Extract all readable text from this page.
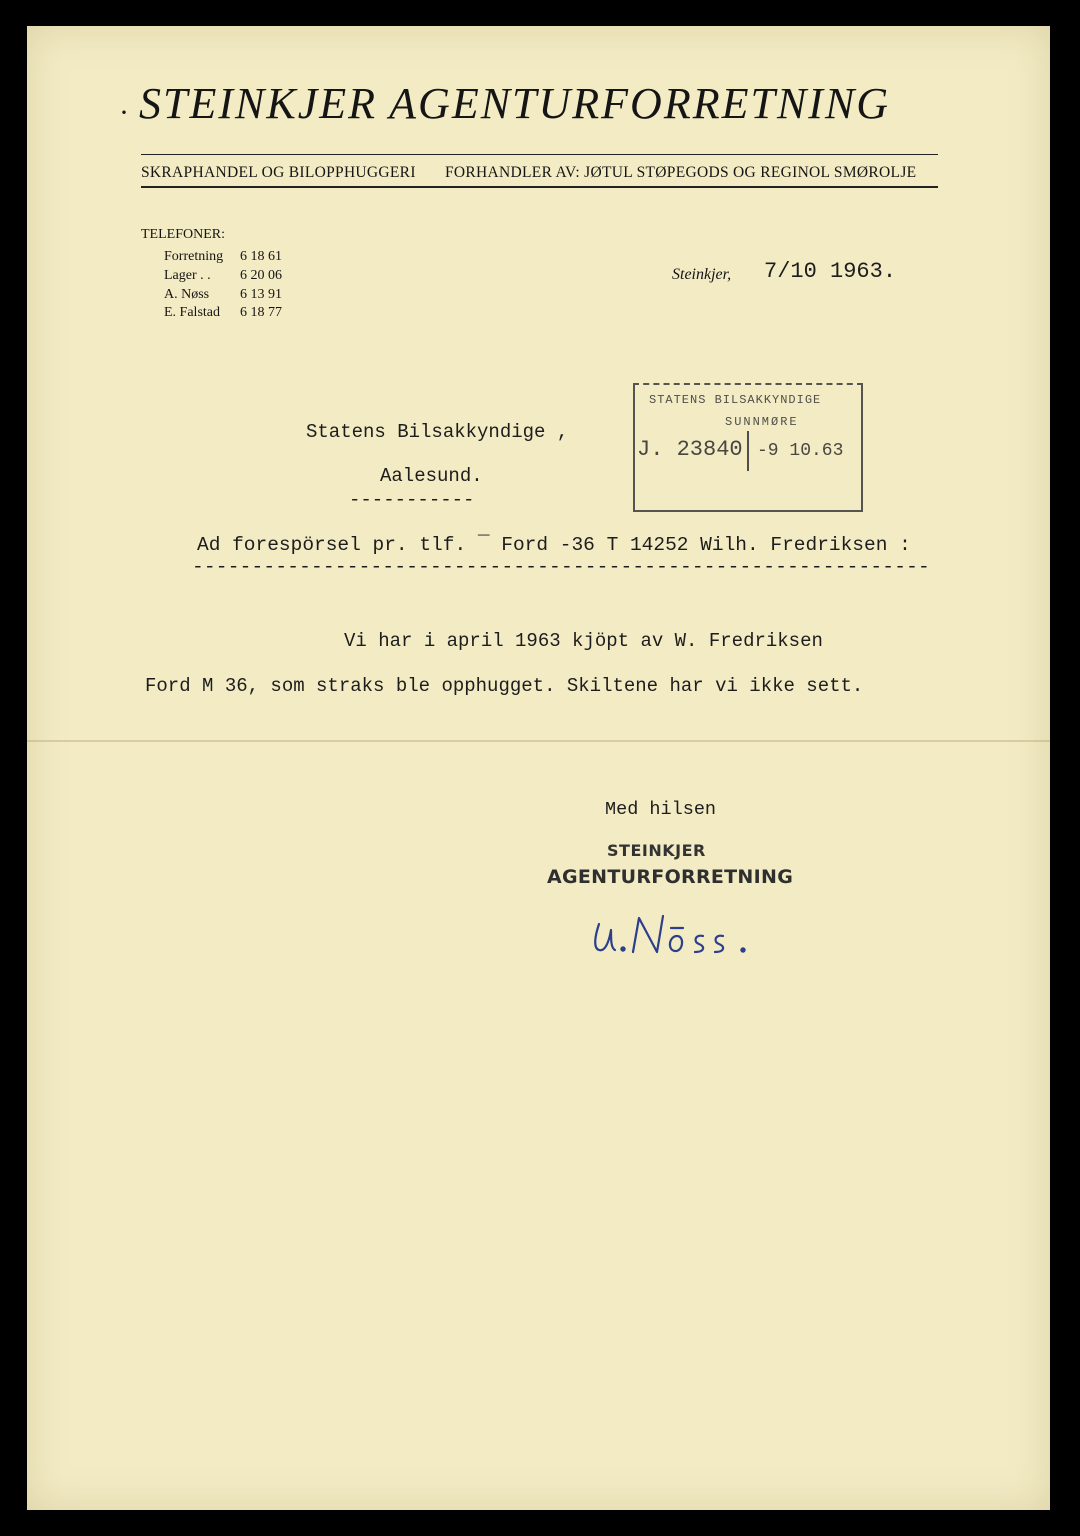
· STEINKJER AGENTURFORRETNING
SKRAPHANDEL OG BILOPPHUGGERI FORHANDLER AV: JØTUL STØPEGODS OG REGINOL SMØROLJE
TELEFONER:
Forretning 6 18 61
Lager . . 6 20 06
A. Nøss 6 13 91
E. Falstad 6 18 77
Steinkjer, 7/10 1963.
Statens Bilsakkyndige ,
Aalesund.
-----------
STATENS BILSAKKYNDIGE
SUNNMØRE
J. 23840 -9 10.63
Ad forespörsel pr. tlf. ¯ Ford -36 T 14252 Wilh. Fredriksen :
--------------------------------------------------------------
Vi har i april 1963 kjöpt av W. Fredriksen
Ford M 36, som straks ble opphugget. Skiltene har vi ikke sett.
Med hilsen
STEINKJER
AGENTURFORRETNING
